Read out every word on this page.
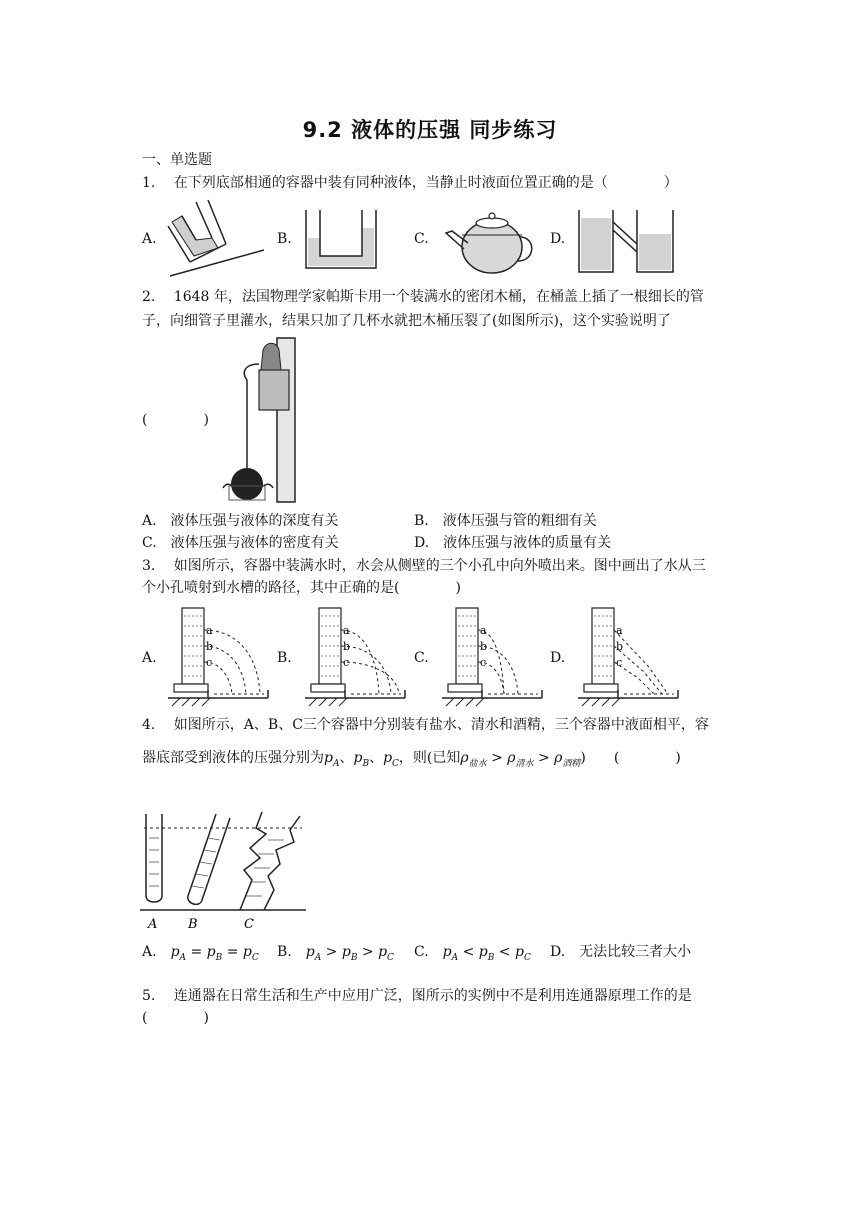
9.2 液体的压强 同步练习
一、单选题
1.　 在下列底部相通的容器中装有同种液体，当静止时液面位置正确的是（　　　　）
A.	B.	C.	D.
2.　 1648 年，法国物理学家帕斯卡用一个装满水的密闭木桶，在桶盖上插了一根细长的管
子，向细管子里灌水，结果只加了几杯水就把木桶压裂了(如图所示)，这个实验说明了
(　　　　)
A.　液体压强与液体的深度有关	B.　液体压强与管的粗细有关
C.　液体压强与液体的密度有关	D.　液体压强与液体的质量有关
3.　 如图所示，容器中装满水时，水会从侧壁的三个小孔中向外喷出来。图中画出了水从三
个小孔喷射到水槽的路径，其中正确的是(　　　　)
A.	B.	C.	D.
a
b
c
a
b
c
a
b
c
a
b
c
4.　 如图所示，A、B、C三个容器中分别装有盐水、清水和酒精，三个容器中液面相平，容
器底部受到液体的压强分别为$p_A$、$p_B$、$p_C$，则(已知$\rho_{盐水} > \rho_{清水} > \rho_{酒精}$)　　(　　　　)
A B	C
A.　$p_A = p_B = p_C$ B.　$p_A > p_B > p_C$ C.　$p_A < p_B < p_C$ D.　无法比较三者大小
5.　 连通器在日常生活和生产中应用广泛，图所示的实例中不是利用连通器原理工作的是
(　　　　)
